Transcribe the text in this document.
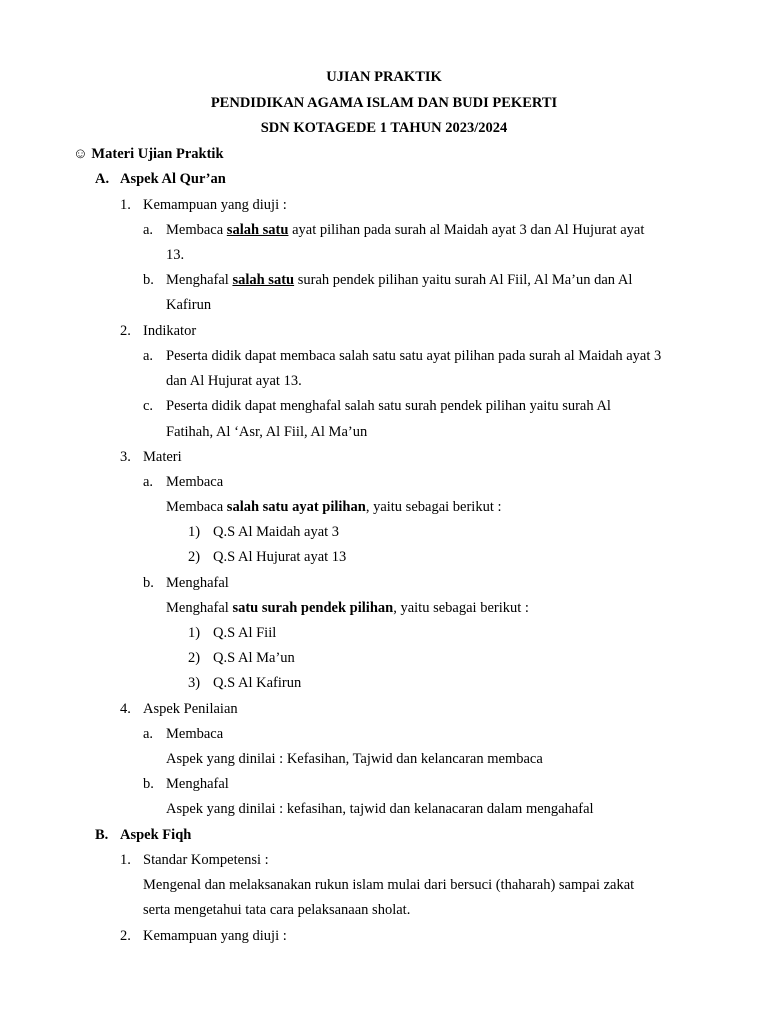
UJIAN PRAKTIK
PENDIDIKAN AGAMA ISLAM DAN BUDI PEKERTI
SDN KOTAGEDE 1 TAHUN 2023/2024
☺ Materi Ujian Praktik
A. Aspek Al Qur’an
1. Kemampuan yang diuji :
a. Membaca salah satu ayat pilihan pada surah al Maidah ayat 3 dan Al Hujurat ayat
13.
b. Menghafal salah satu surah pendek pilihan yaitu surah Al Fiil, Al Ma’un dan Al
Kafirun
2. Indikator
a. Peserta didik dapat membaca salah satu satu ayat pilihan pada surah al Maidah ayat 3
dan Al Hujurat ayat 13.
c. Peserta didik dapat menghafal salah satu surah pendek pilihan yaitu surah Al
Fatihah, Al ‘Asr, Al Fiil, Al Ma’un
3. Materi
a. Membaca
Membaca salah satu ayat pilihan, yaitu sebagai berikut :
1) Q.S Al Maidah ayat 3
2) Q.S Al Hujurat ayat 13
b. Menghafal
Menghafal satu surah pendek pilihan, yaitu sebagai berikut :
1) Q.S Al Fiil
2) Q.S Al Ma’un
3) Q.S Al Kafirun
4. Aspek Penilaian
a. Membaca
Aspek yang dinilai : Kefasihan, Tajwid dan kelancaran membaca
b. Menghafal
Aspek yang dinilai : kefasihan, tajwid dan kelanacaran dalam mengahafal
B. Aspek Fiqh
1. Standar Kompetensi :
Mengenal dan melaksanakan rukun islam mulai dari bersuci (thaharah) sampai zakat
serta mengetahui tata cara pelaksanaan sholat.
2. Kemampuan yang diuji :
